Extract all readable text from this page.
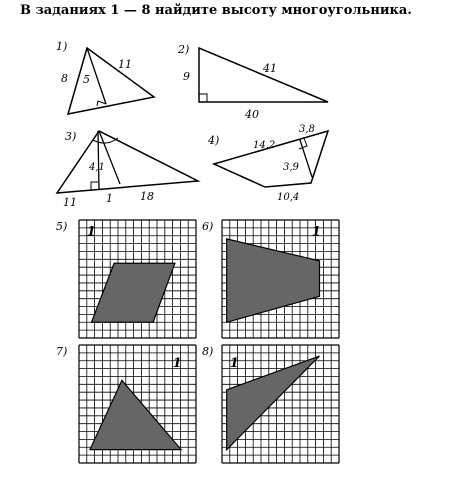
В заданиях 1 — 8 найдите высоту многоугольника.
1)
8 5
11
2)
9
41
40
3)
4,1
11	1 18
4)	14,2
3,8
3,9
10,4
1
5)	1
6)
1
7)
1
8)
